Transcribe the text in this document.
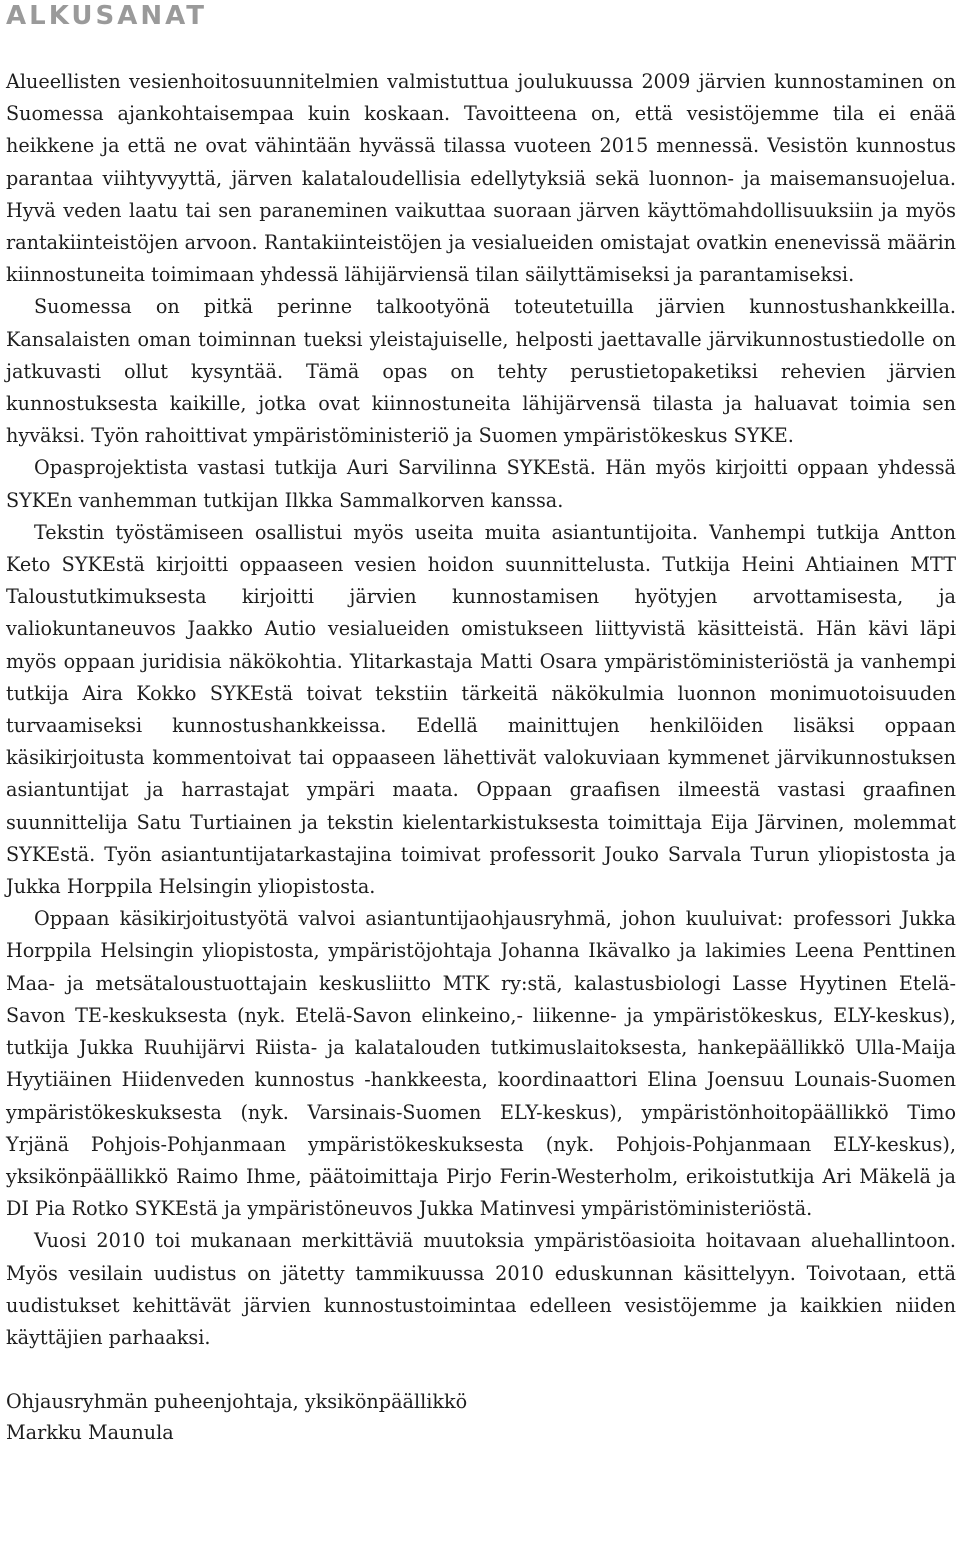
ALKUSANAT

Alueellisten vesienhoitosuunnitelmien valmistuttua joulukuussa 2009 järvien kunnostaminen on Suomessa ajankohtaisempaa kuin koskaan. Tavoitteena on, että vesistöjemme tila ei enää heikkene ja että ne ovat vähintään hyvässä tilassa vuoteen 2015 mennessä. Vesistön kunnostus parantaa viihtyvyyttä, järven kalataloudellisia edellytyksiä sekä luonnon- ja maisemansuojelua. Hyvä veden laatu tai sen paraneminen vaikuttaa suoraan järven käyttömahdollisuuksiin ja myös rantakiinteistöjen arvoon. Rantakiinteistöjen ja vesialueiden omistajat ovatkin enenevissä määrin kiinnostuneita toimimaan yhdessä lähijärviensä tilan säilyttämiseksi ja parantamiseksi.

Suomessa on pitkä perinne talkootyönä toteutetuilla järvien kunnostushankkeilla. Kansalaisten oman toiminnan tueksi yleistajuiselle, helposti jaettavalle järvikunnostustiedolle on jatkuvasti ollut kysyntää. Tämä opas on tehty perustietopaketiksi rehevien järvien kunnostuksesta kaikille, jotka ovat kiinnostuneita lähijärvensä tilasta ja haluavat toimia sen hyväksi. Työn rahoittivat ympäristöministeriö ja Suomen ympäristökeskus SYKE.

Opasprojektista vastasi tutkija Auri Sarvilinna SYKEstä. Hän myös kirjoitti oppaan yhdessä SYKEn vanhemman tutkijan Ilkka Sammalkorven kanssa.

Tekstin työstämiseen osallistui myös useita muita asiantuntijoita. Vanhempi tutkija Antton Keto SYKEstä kirjoitti oppaaseen vesien hoidon suunnittelusta. Tutkija Heini Ahtiainen MTT Taloustutkimuksesta kirjoitti järvien kunnostamisen hyötyjen arvottamisesta, ja valiokuntaneuvos Jaakko Autio vesialueiden omistukseen liittyvistä käsitteistä. Hän kävi läpi myös oppaan juridisia näkökohtia. Ylitarkastaja Matti Osara ympäristöministeriöstä ja vanhempi tutkija Aira Kokko SYKEstä toivat tekstiin tärkeitä näkökulmia luonnon monimuotoisuuden turvaamiseksi kunnostushankkeissa. Edellä mainittujen henkilöiden lisäksi oppaan käsikirjoitusta kommentoivat tai oppaaseen lähettivät valokuviaan kymmenet järvikunnostuksen asiantuntijat ja harrastajat ympäri maata. Oppaan graafisen ilmeestä vastasi graafinen suunnittelija Satu Turtiainen ja tekstin kielentarkistuksesta toimittaja Eija Järvinen, molemmat SYKEstä. Työn asiantuntijatarkastajina toimivat professorit Jouko Sarvala Turun yliopistosta ja Jukka Horppila Helsingin yliopistosta.

Oppaan käsikirjoitustyötä valvoi asiantuntijaohjausryhmä, johon kuuluivat: professori Jukka Horppila Helsingin yliopistosta, ympäristöjohtaja Johanna Ikävalko ja lakimies Leena Penttinen Maa- ja metsätaloustuottajain keskusliitto MTK ry:stä, kalastusbiologi Lasse Hyytinen Etelä-Savon TE-keskuksesta (nyk. Etelä-Savon elinkeino,- liikenne- ja ympäristökeskus, ELY-keskus), tutkija Jukka Ruuhijärvi Riista- ja kalatalouden tutkimuslaitoksesta, hankepäällikkö Ulla-Maija Hyytiäinen Hiidenveden kunnostus -hankkeesta, koordinaattori Elina Joensuu Lounais-Suomen ympäristökeskuksesta (nyk. Varsinais-Suomen ELY-keskus), ympäristönhoitopäällikkö Timo Yrjänä Pohjois-Pohjanmaan ympäristökeskuksesta (nyk. Pohjois-Pohjanmaan ELY-keskus), yksikönpäällikkö Raimo Ihme, päätoimittaja Pirjo Ferin-Westerholm, erikoistutkija Ari Mäkelä ja DI Pia Rotko SYKEstä ja ympäristöneuvos Jukka Matinvesi ympäristöministeriöstä.

Vuosi 2010 toi mukanaan merkittäviä muutoksia ympäristöasioita hoitavaan aluehallintoon. Myös vesilain uudistus on jätetty tammikuussa 2010 eduskunnan käsittelyyn. Toivotaan, että uudistukset kehittävät järvien kunnostustoimintaa edelleen vesistöjemme ja kaikkien niiden käyttäjien parhaaksi.

Ohjausryhmän puheenjohtaja, yksikönpäällikkö
Markku Maunula
